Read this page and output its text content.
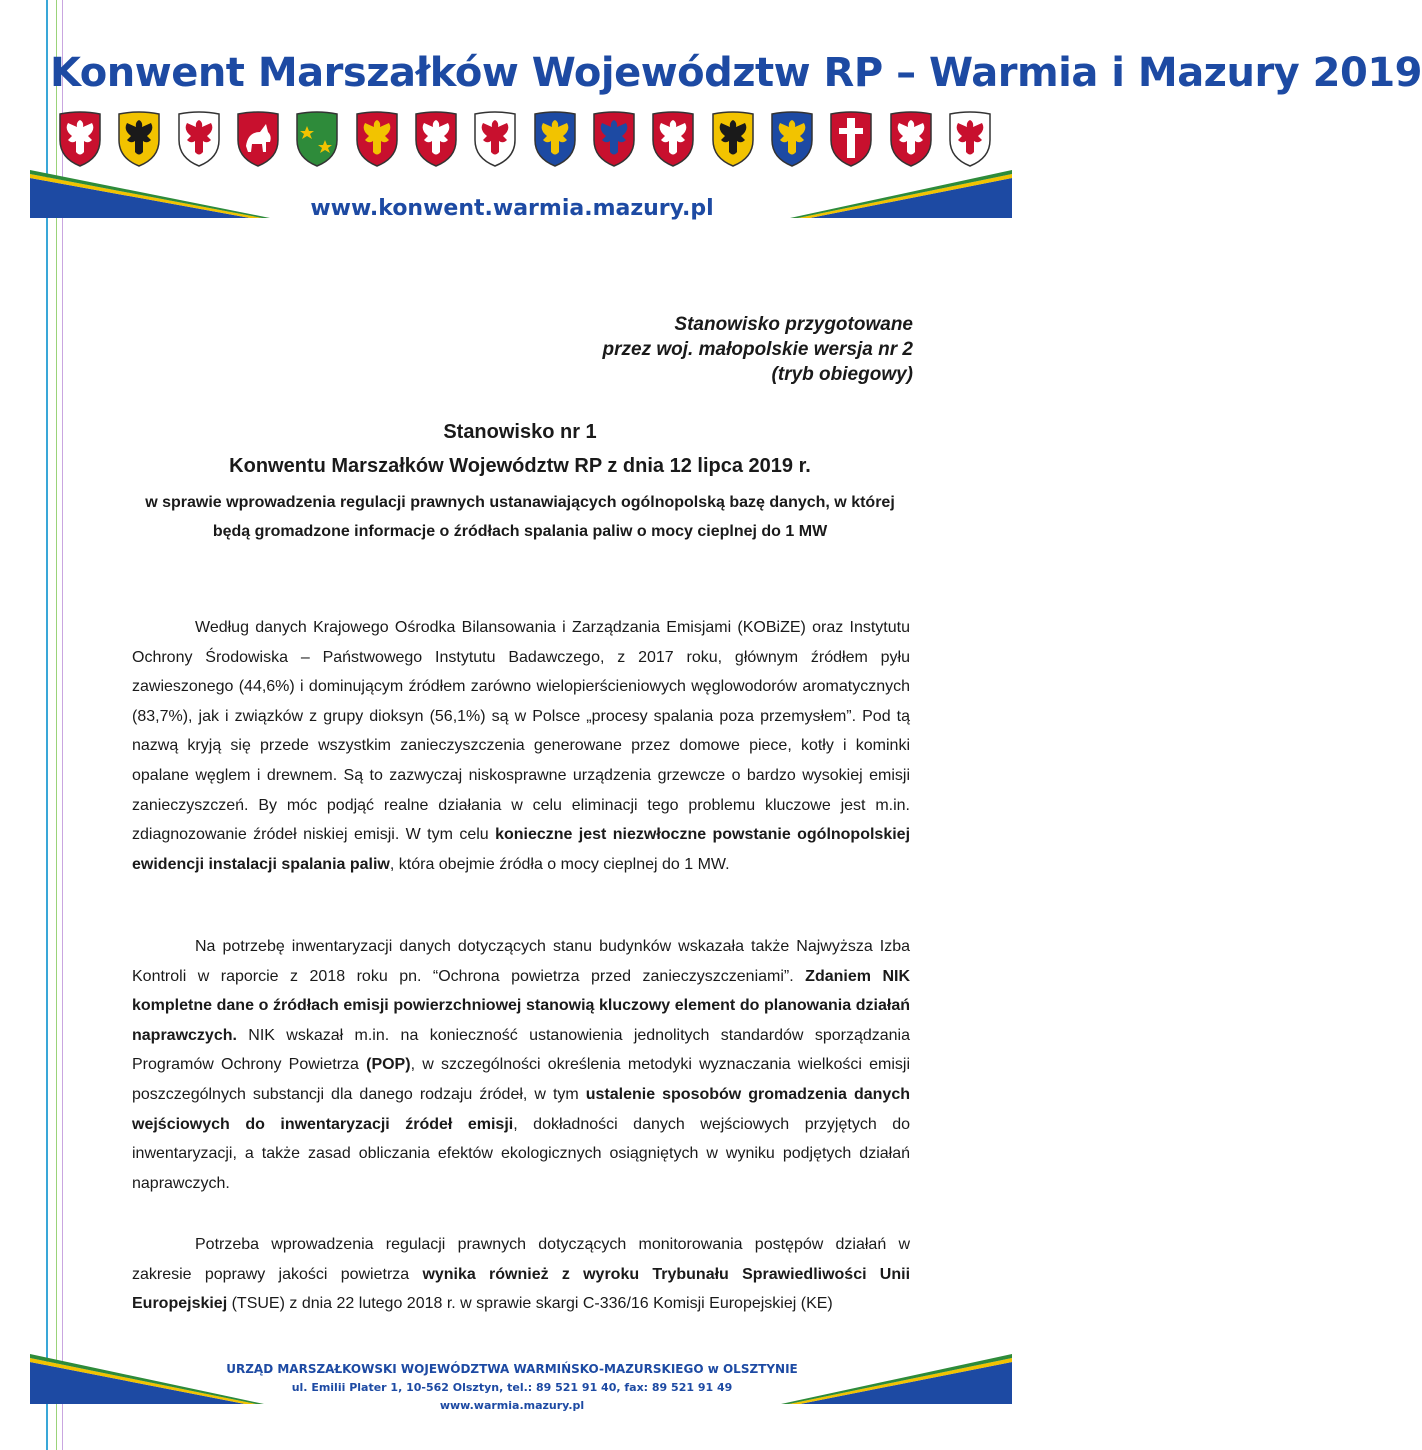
Konwent Marszałków Województw RP – Warmia i Mazury 2019
www.konwent.warmia.mazury.pl
Stanowisko przygotowane
przez woj. małopolskie wersja nr 2
(tryb obiegowy)
Stanowisko nr 1
Konwentu Marszałków Województw RP z dnia 12 lipca 2019 r.
w sprawie wprowadzenia regulacji prawnych ustanawiających ogólnopolską bazę danych, w której będą gromadzone informacje o źródłach spalania paliw o mocy cieplnej do 1 MW
Według danych Krajowego Ośrodka Bilansowania i Zarządzania Emisjami (KOBiZE) oraz Instytutu Ochrony Środowiska – Państwowego Instytutu Badawczego, z 2017 roku, głównym źródłem pyłu zawieszonego (44,6%) i dominującym źródłem zarówno wielopierścieniowych węglowodorów aromatycznych (83,7%), jak i związków z grupy dioksyn (56,1%) są w Polsce „procesy spalania poza przemysłem”. Pod tą nazwą kryją się przede wszystkim zanieczyszczenia generowane przez domowe piece, kotły i kominki opalane węglem i drewnem. Są to zazwyczaj niskosprawne urządzenia grzewcze o bardzo wysokiej emisji zanieczyszczeń. By móc podjąć realne działania w celu eliminacji tego problemu kluczowe jest m.in. zdiagnozowanie źródeł niskiej emisji. W tym celu konieczne jest niezwłoczne powstanie ogólnopolskiej ewidencji instalacji spalania paliw, która obejmie źródła o mocy cieplnej do 1 MW.
Na potrzebę inwentaryzacji danych dotyczących stanu budynków wskazała także Najwyższa Izba Kontroli w raporcie z 2018 roku pn. “Ochrona powietrza przed zanieczyszczeniami”. Zdaniem NIK kompletne dane o źródłach emisji powierzchniowej stanowią kluczowy element do planowania działań naprawczych. NIK wskazał m.in. na konieczność ustanowienia jednolitych standardów sporządzania Programów Ochrony Powietrza (POP), w szczególności określenia metodyki wyznaczania wielkości emisji poszczególnych substancji dla danego rodzaju źródeł, w tym ustalenie sposobów gromadzenia danych wejściowych do inwentaryzacji źródeł emisji, dokładności danych wejściowych przyjętych do inwentaryzacji, a także zasad obliczania efektów ekologicznych osiągniętych w wyniku podjętych działań naprawczych.
Potrzeba wprowadzenia regulacji prawnych dotyczących monitorowania postępów działań w zakresie poprawy jakości powietrza wynika również z wyroku Trybunału Sprawiedliwości Unii Europejskiej (TSUE) z dnia 22 lutego 2018 r. w sprawie skargi C-336/16 Komisji Europejskiej (KE)
URZĄD MARSZAŁKOWSKI WOJEWÓDZTWA WARMIŃSKO-MAZURSKIEGO w OLSZTYNIE
ul. Emilii Plater 1, 10-562 Olsztyn, tel.: 89 521 91 40, fax: 89 521 91 49
www.warmia.mazury.pl
